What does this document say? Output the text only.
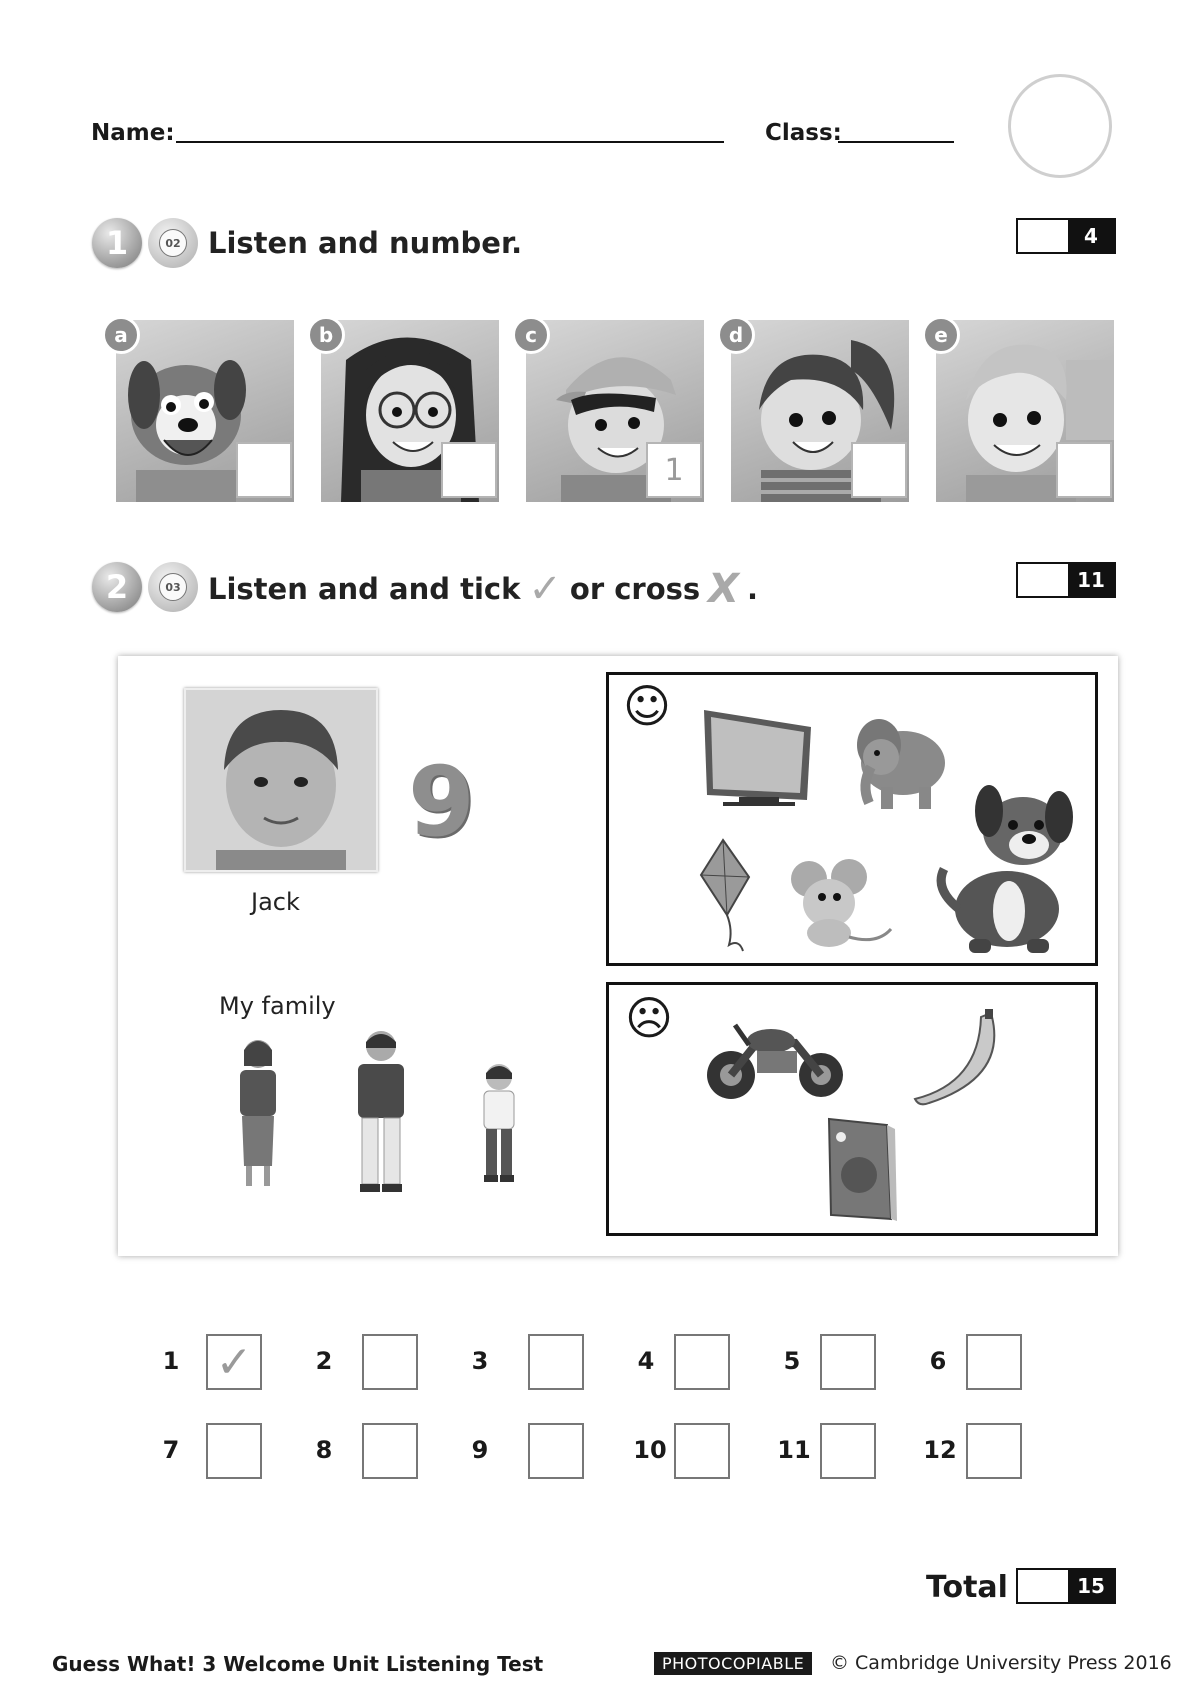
Name:	Class:
1	02 Listen and number.	4
a	b	c
1
d	e
2	03 Listen and and tick ✓ or cross X .	11
9
Jack
My family
☺
☹
1 ✓	2	3	4	5	6
7	8	9	10	11	12
Total	15
Guess What! 3 Welcome Unit Listening Test	PHOTOCOPIABLE	© Cambridge University Press 2016
